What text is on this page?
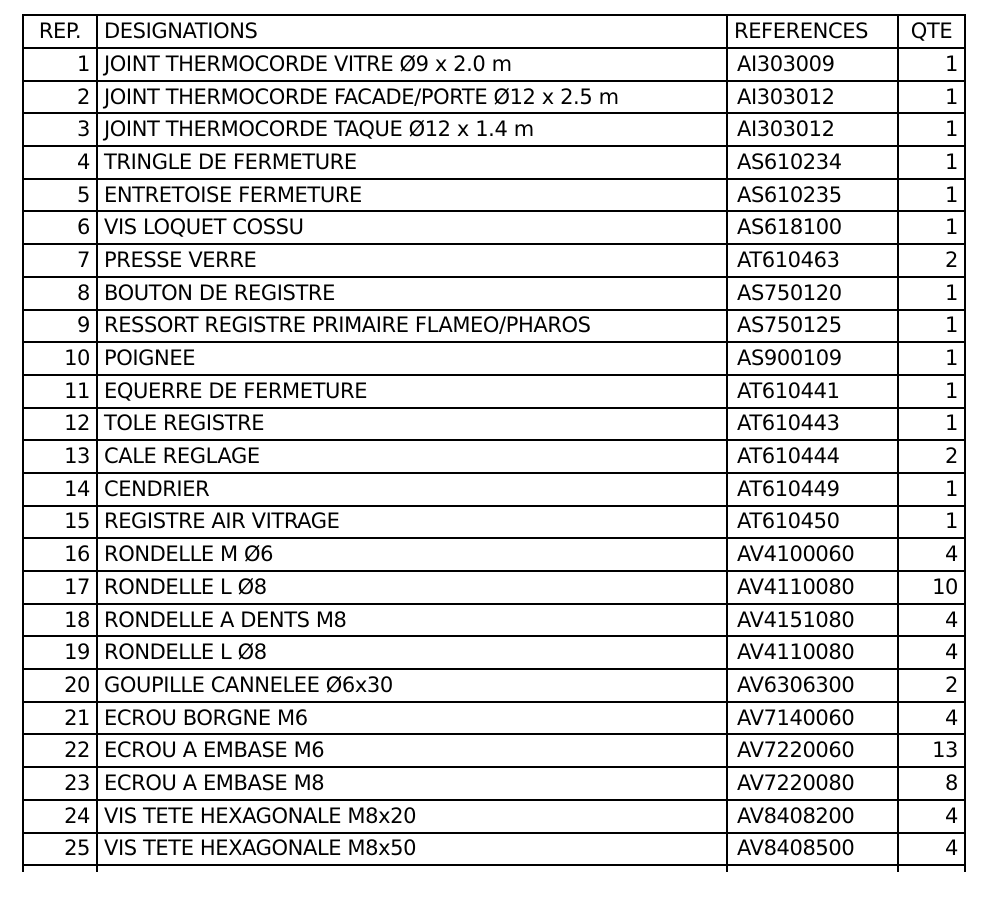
REP.	DESIGNATIONS	REFERENCES	QTE
1	JOINT THERMOCORDE VITRE Ø9 x 2.0 m	AI303009	1
2	JOINT THERMOCORDE FACADE/PORTE Ø12 x 2.5 m	AI303012	1
3	JOINT THERMOCORDE TAQUE Ø12 x 1.4 m	AI303012	1
4	TRINGLE DE FERMETURE	AS610234	1
5	ENTRETOISE FERMETURE	AS610235	1
6	VIS LOQUET COSSU	AS618100	1
7	PRESSE VERRE	AT610463	2
8	BOUTON DE REGISTRE	AS750120	1
9	RESSORT REGISTRE PRIMAIRE FLAMEO/PHAROS	AS750125	1
10	POIGNEE	AS900109	1
11	EQUERRE DE FERMETURE	AT610441	1
12	TOLE REGISTRE	AT610443	1
13	CALE REGLAGE	AT610444	2
14	CENDRIER	AT610449	1
15	REGISTRE AIR VITRAGE	AT610450	1
16	RONDELLE M Ø6	AV4100060	4
17	RONDELLE L Ø8	AV4110080	10
18	RONDELLE A DENTS M8	AV4151080	4
19	RONDELLE L Ø8	AV4110080	4
20	GOUPILLE CANNELEE Ø6x30	AV6306300	2
21	ECROU BORGNE M6	AV7140060	4
22	ECROU A EMBASE M6	AV7220060	13
23	ECROU A EMBASE M8	AV7220080	8
24	VIS TETE HEXAGONALE M8x20	AV8408200	4
25	VIS TETE HEXAGONALE M8x50	AV8408500	4
